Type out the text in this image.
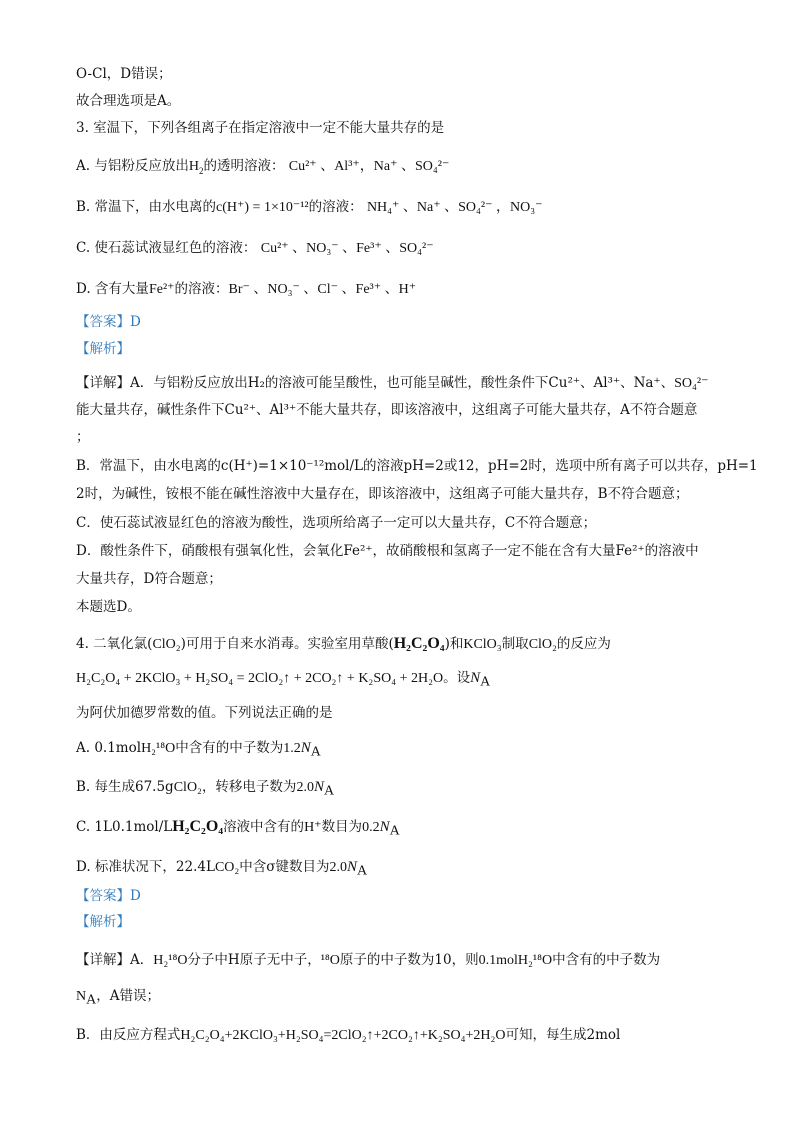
O-Cl，D错误；
故合理选项是A。
3. 室温下，下列各组离子在指定溶液中一定不能大量共存的是
A. 与铝粉反应放出$H_2$的透明溶液： Cu²⁺ 、Al³⁺，Na⁺ 、SO₄²⁻
B. 常温下，由水电离的c(H⁺) = 1×10⁻¹²的溶液： NH₄⁺ 、Na⁺ 、SO₄²⁻ ，NO₃⁻
C. 使石蕊试液显红色的溶液： Cu²⁺ 、NO₃⁻ 、Fe³⁺ 、SO₄²⁻
D. 含有大量Fe²⁺的溶液：Br⁻ 、NO₃⁻ 、Cl⁻ 、Fe³⁺ 、H⁺
【答案】D
【解析】
【详解】A．与铝粉反应放出H₂的溶液可能呈酸性，也可能呈碱性，酸性条件下Cu²⁺、Al³⁺、Na⁺、SO₄²⁻
能大量共存，碱性条件下Cu²⁺、Al³⁺不能大量共存，即该溶液中，这组离子可能大量共存，A不符合题意
；
B．常温下，由水电离的c(H⁺)=1×10⁻¹²mol/L的溶液pH=2或12，pH=2时，选项中所有离子可以共存，pH=1
2时，为碱性，铵根不能在碱性溶液中大量存在，即该溶液中，这组离子可能大量共存，B不符合题意；
C．使石蕊试液显红色的溶液为酸性，选项所给离子一定可以大量共存，C不符合题意；
D．酸性条件下，硝酸根有强氧化性，会氧化Fe²⁺，故硝酸根和氢离子一定不能在含有大量Fe²⁺的溶液中
大量共存，D符合题意；
本题选D。
4. 二氧化氯(ClO₂)可用于自来水消毒。实验室用草酸(H₂C₂O₄)和KClO₃制取ClO₂的反应为
H₂C₂O₄ + 2KClO₃ + H₂SO₄ = 2ClO₂↑ + 2CO₂↑ + K₂SO₄ + 2H₂O。设$N_A$
为阿伏加德罗常数的值。下列说法正确的是
A. 0.1molH₂¹⁸O中含有的中子数为$1.2N_A$
B. 每生成67.5gClO₂，转移电子数为$2.0N_A$
C. 1L0.1mol/LH₂C₂O₄溶液中含有的H⁺数目为$0.2N_A$
D. 标准状况下，22.4LCO₂中含σ键数目为$2.0N_A$
【答案】D
【解析】
【详解】A．H₂¹⁸O分子中H原子无中子，¹⁸O原子的中子数为10，则0.1molH₂¹⁸O中含有的中子数为
$N_A$，A错误；
B．由反应方程式H₂C₂O₄+2KClO₃+H₂SO₄=2ClO₂↑+2CO₂↑+K₂SO₄+2H₂O可知，每生成2mol
